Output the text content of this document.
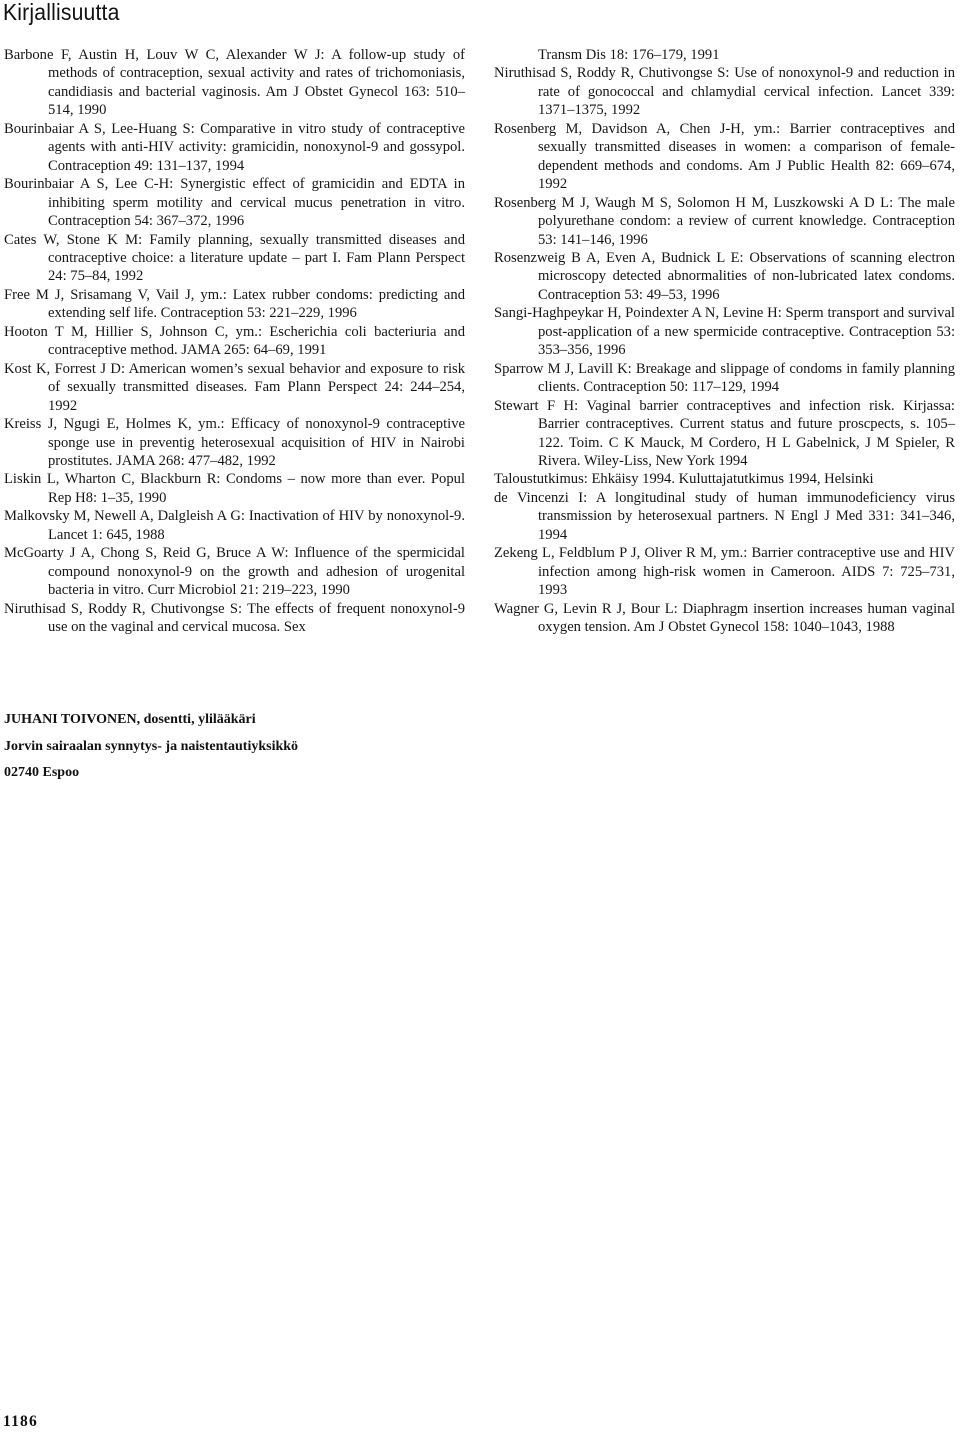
Kirjallisuutta

Barbone F, Austin H, Louv W C, Alexander W J: A follow-up study of methods of contraception, sexual activity and rates of trichomoniasis, candidiasis and bacterial vaginosis. Am J Obstet Gynecol 163: 510–514, 1990

Bourinbaiar A S, Lee-Huang S: Comparative in vitro study of contraceptive agents with anti-HIV activity: gramicidin, nonoxynol-9 and gossypol. Contraception 49: 131–137, 1994

Bourinbaiar A S, Lee C-H: Synergistic effect of gramicidin and EDTA in inhibiting sperm motility and cervical mucus penetration in vitro. Contraception 54: 367–372, 1996

Cates W, Stone K M: Family planning, sexually transmitted diseases and contraceptive choice: a literature update – part I. Fam Plann Perspect 24: 75–84, 1992

Free M J, Srisamang V, Vail J, ym.: Latex rubber condoms: predicting and extending self life. Contraception 53: 221–229, 1996

Hooton T M, Hillier S, Johnson C, ym.: Escherichia coli bacteriuria and contraceptive method. JAMA 265: 64–69, 1991

Kost K, Forrest J D: American women’s sexual behavior and exposure to risk of sexually transmitted diseases. Fam Plann Perspect 24: 244–254, 1992

Kreiss J, Ngugi E, Holmes K, ym.: Efficacy of nonoxynol-9 contraceptive sponge use in preventig heterosexual acquisition of HIV in Nairobi prostitutes. JAMA 268: 477–482, 1992

Liskin L, Wharton C, Blackburn R: Condoms – now more than ever. Popul Rep H8: 1–35, 1990

Malkovsky M, Newell A, Dalgleish A G: Inactivation of HIV by nonoxynol-9. Lancet 1: 645, 1988

McGoarty J A, Chong S, Reid G, Bruce A W: Influence of the spermicidal compound nonoxynol-9 on the growth and adhesion of urogenital bacteria in vitro. Curr Microbiol 21: 219–223, 1990

Niruthisad S, Roddy R, Chutivongse S: The effects of frequent nonoxynol-9 use on the vaginal and cervical mucosa. Sex

Transm Dis 18: 176–179, 1991

Niruthisad S, Roddy R, Chutivongse S: Use of nonoxynol-9 and reduction in rate of gonococcal and chlamydial cervical infection. Lancet 339: 1371–1375, 1992

Rosenberg M, Davidson A, Chen J-H, ym.: Barrier contraceptives and sexually transmitted diseases in women: a comparison of female-dependent methods and condoms. Am J Public Health 82: 669–674, 1992

Rosenberg M J, Waugh M S, Solomon H M, Luszkowski A D L: The male polyurethane condom: a review of current knowledge. Contraception 53: 141–146, 1996

Rosenzweig B A, Even A, Budnick L E: Observations of scanning electron microscopy detected abnormalities of non-lubricated latex condoms. Contraception 53: 49–53, 1996

Sangi-Haghpeykar H, Poindexter A N, Levine H: Sperm transport and survival post-application of a new spermicide contraceptive. Contraception 53: 353–356, 1996

Sparrow M J, Lavill K: Breakage and slippage of condoms in family planning clients. Contraception 50: 117–129, 1994

Stewart F H: Vaginal barrier contraceptives and infection risk. Kirjassa: Barrier contraceptives. Current status and future proscpects, s. 105–122. Toim. C K Mauck, M Cordero, H L Gabelnick, J M Spieler, R Rivera. Wiley-Liss, New York 1994

Taloustutkimus: Ehkäisy 1994. Kuluttajatutkimus 1994, Helsinki

de Vincenzi I: A longitudinal study of human immunodeficiency virus transmission by heterosexual partners. N Engl J Med 331: 341–346, 1994

Zekeng L, Feldblum P J, Oliver R M, ym.: Barrier contraceptive use and HIV infection among high-risk women in Cameroon. AIDS 7: 725–731, 1993

Wagner G, Levin R J, Bour L: Diaphragm insertion increases human vaginal oxygen tension. Am J Obstet Gynecol 158: 1040–1043, 1988

JUHANI TOIVONEN, dosentti, ylilääkäri
Jorvin sairaalan synnytys- ja naistentautiyksikkö
02740 Espoo
1186
